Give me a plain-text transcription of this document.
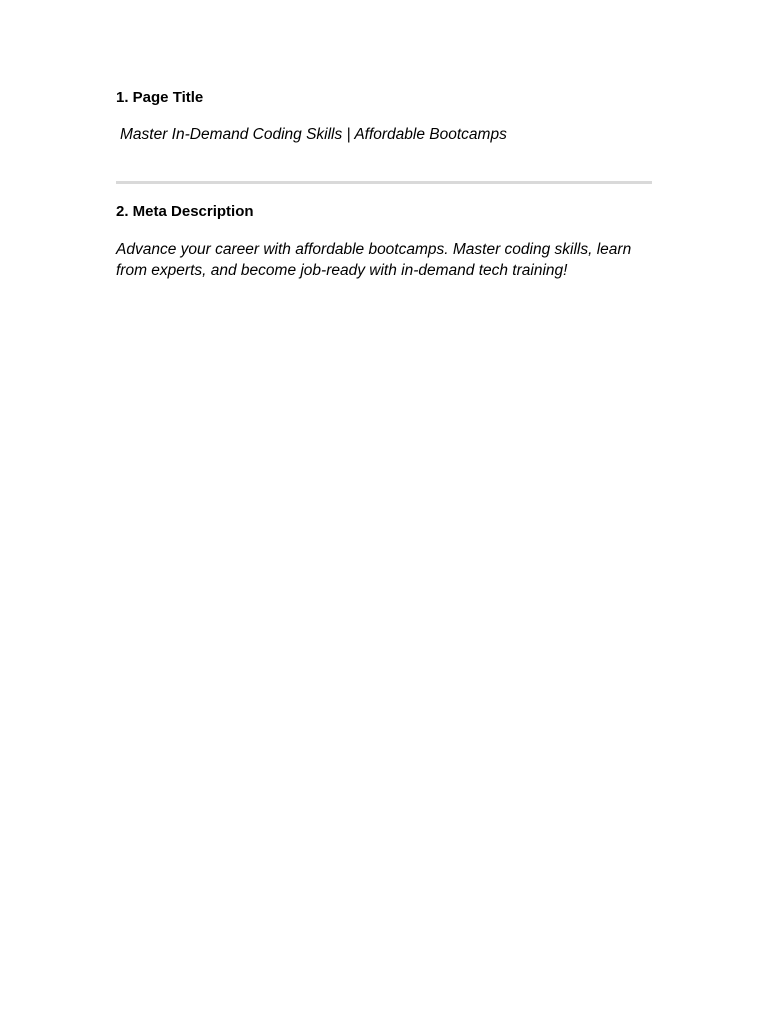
1. Page Title

Master In-Demand Coding Skills | Affordable Bootcamps

2. Meta Description

Advance your career with affordable bootcamps. Master coding skills, learn from experts, and become job-ready with in-demand tech training!
